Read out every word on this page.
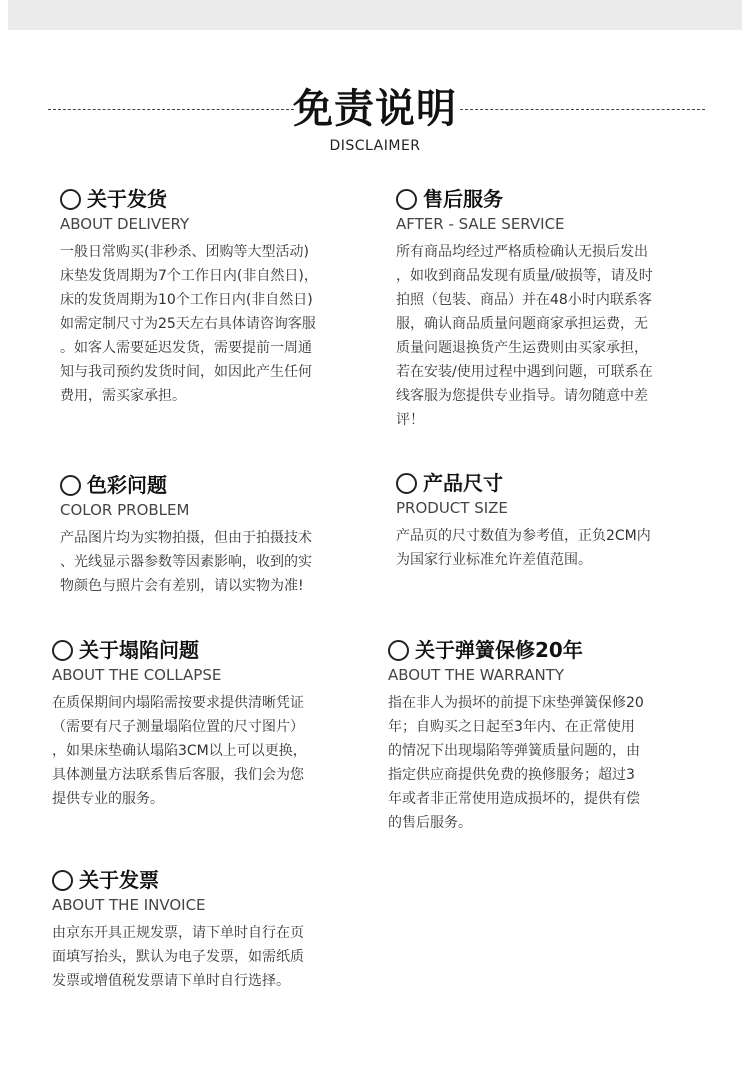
免责说明
DISCLAIMER
关于发货
ABOUT DELIVERY
一般日常购买(非秒杀、团购等大型活动)
床垫发货周期为7个工作日内(非自然日)，
床的发货周期为10个工作日内(非自然日)
如需定制尺寸为25天左右具体请咨询客服
。如客人需要延迟发货，需要提前一周通
知与我司预约发货时间，如因此产生任何
费用，需买家承担。
售后服务
AFTER - SALE SERVICE
所有商品均经过严格质检确认无损后发出
，如收到商品发现有质量/破损等，请及时
拍照（包装、商品）并在48小时内联系客
服，确认商品质量问题商家承担运费，无
质量问题退换货产生运费则由买家承担，
若在安装/使用过程中遇到问题，可联系在
线客服为您提供专业指导。请勿随意中差
评！
色彩问题
COLOR PROBLEM
产品图片均为实物拍摄，但由于拍摄技术
、光线显示器参数等因素影响，收到的实
物颜色与照片会有差别，请以实物为准!
产品尺寸
PRODUCT SIZE
产品页的尺寸数值为参考值，正负2CM内
为国家行业标准允许差值范围。
关于塌陷问题
ABOUT THE COLLAPSE
在质保期间内塌陷需按要求提供清晰凭证
（需要有尺子测量塌陷位置的尺寸图片）
，如果床垫确认塌陷3CM以上可以更换，
具体测量方法联系售后客服，我们会为您
提供专业的服务。
关于弹簧保修20年
ABOUT THE WARRANTY
指在非人为损坏的前提下床垫弹簧保修20
年；自购买之日起至3年内、在正常使用
的情况下出现塌陷等弹簧质量问题的，由
指定供应商提供免费的换修服务；超过3
年或者非正常使用造成损坏的，提供有偿
的售后服务。
关于发票
ABOUT THE INVOICE
由京东开具正规发票，请下单时自行在页
面填写抬头，默认为电子发票，如需纸质
发票或增值税发票请下单时自行选择。
